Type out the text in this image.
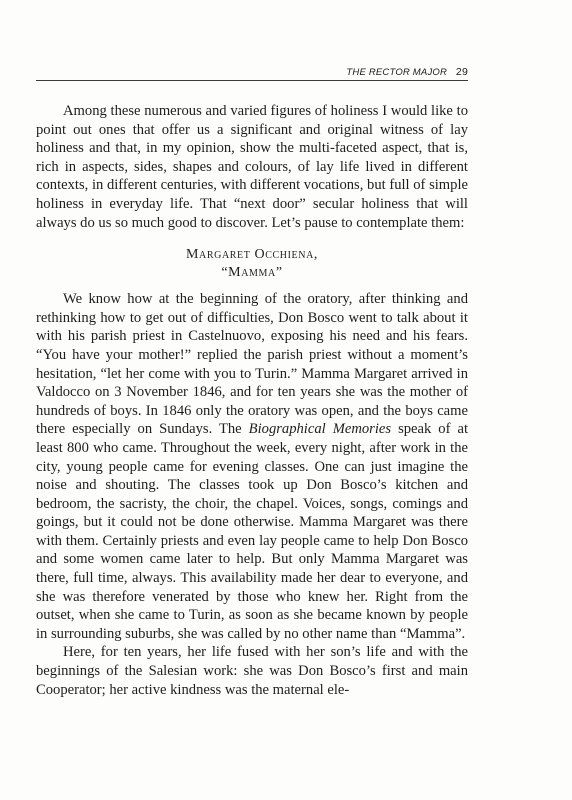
THE RECTOR MAJOR 29

Among these numerous and varied figures of holiness I would like to point out ones that offer us a significant and original witness of lay holiness and that, in my opinion, show the multi-faceted aspect, that is, rich in aspects, sides, shapes and colours, of lay life lived in different contexts, in different centuries, with different vocations, but full of simple holiness in everyday life. That “next door” secular holiness that will always do us so much good to discover. Let’s pause to contemplate them:

Margaret Occhiena,
“Mamma”

We know how at the beginning of the oratory, after thinking and rethinking how to get out of difficulties, Don Bosco went to talk about it with his parish priest in Castelnuovo, exposing his need and his fears. “You have your mother!” replied the parish priest without a moment’s hesitation, “let her come with you to Turin.” Mamma Margaret arrived in Valdocco on 3 November 1846, and for ten years she was the mother of hundreds of boys. In 1846 only the oratory was open, and the boys came there especially on Sundays. The Biographical Memories speak of at least 800 who came. Throughout the week, every night, after work in the city, young people came for evening classes. One can just imagine the noise and shouting. The classes took up Don Bosco’s kitchen and bedroom, the sacristy, the choir, the chapel. Voices, songs, comings and goings, but it could not be done otherwise. Mamma Margaret was there with them. Certainly priests and even lay people came to help Don Bosco and some women came later to help. But only Mamma Margaret was there, full time, always. This availability made her dear to everyone, and she was therefore venerated by those who knew her. Right from the outset, when she came to Turin, as soon as she became known by people in surrounding suburbs, she was called by no other name than “Mamma”.

Here, for ten years, her life fused with her son’s life and with the beginnings of the Salesian work: she was Don Bosco’s first and main Cooperator; her active kindness was the maternal ele-
